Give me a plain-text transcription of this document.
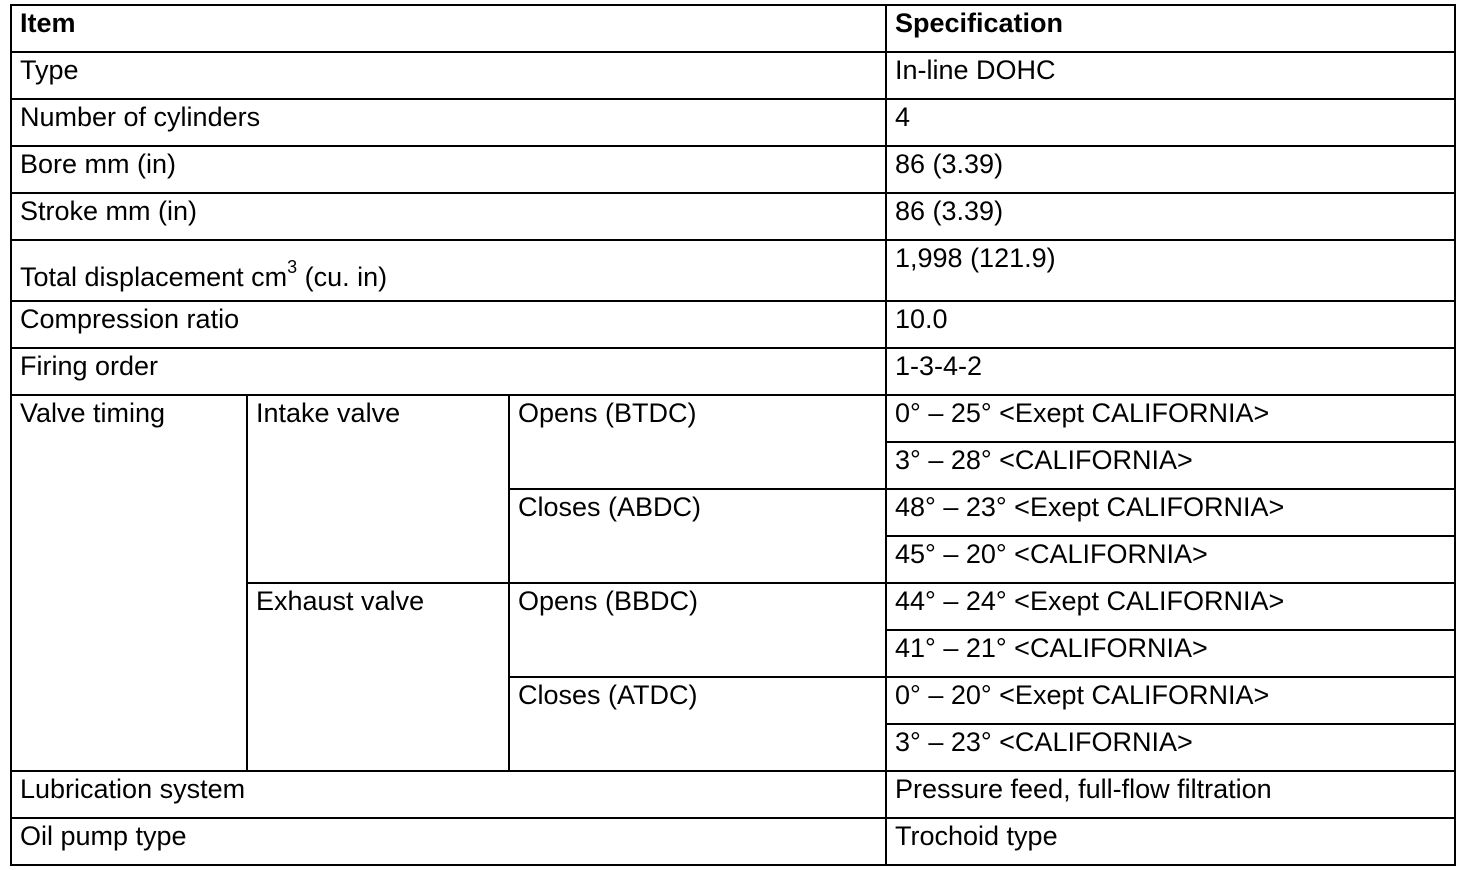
Item			Specification
Type			In-line DOHC
Number of cylinders			4
Bore mm (in)			86 (3.39)
Stroke mm (in)			86 (3.39)
Total displacement $cm^3$ (cu. in)			1,998 (121.9)
Compression ratio			10.0
Firing order			1-3-4-2
Valve timing	Intake valve	Opens (BTDC)	0° – 25° <Exept CALIFORNIA>
			3° – 28° <CALIFORNIA>
		Closes (ABDC)	48° – 23° <Exept CALIFORNIA>
			45° – 20° <CALIFORNIA>
	Exhaust valve	Opens (BBDC)	44° – 24° <Exept CALIFORNIA>
			41° – 21° <CALIFORNIA>
		Closes (ATDC)	0° – 20° <Exept CALIFORNIA>
			3° – 23° <CALIFORNIA>
Lubrication system			Pressure feed, full-flow filtration
Oil pump type			Trochoid type
